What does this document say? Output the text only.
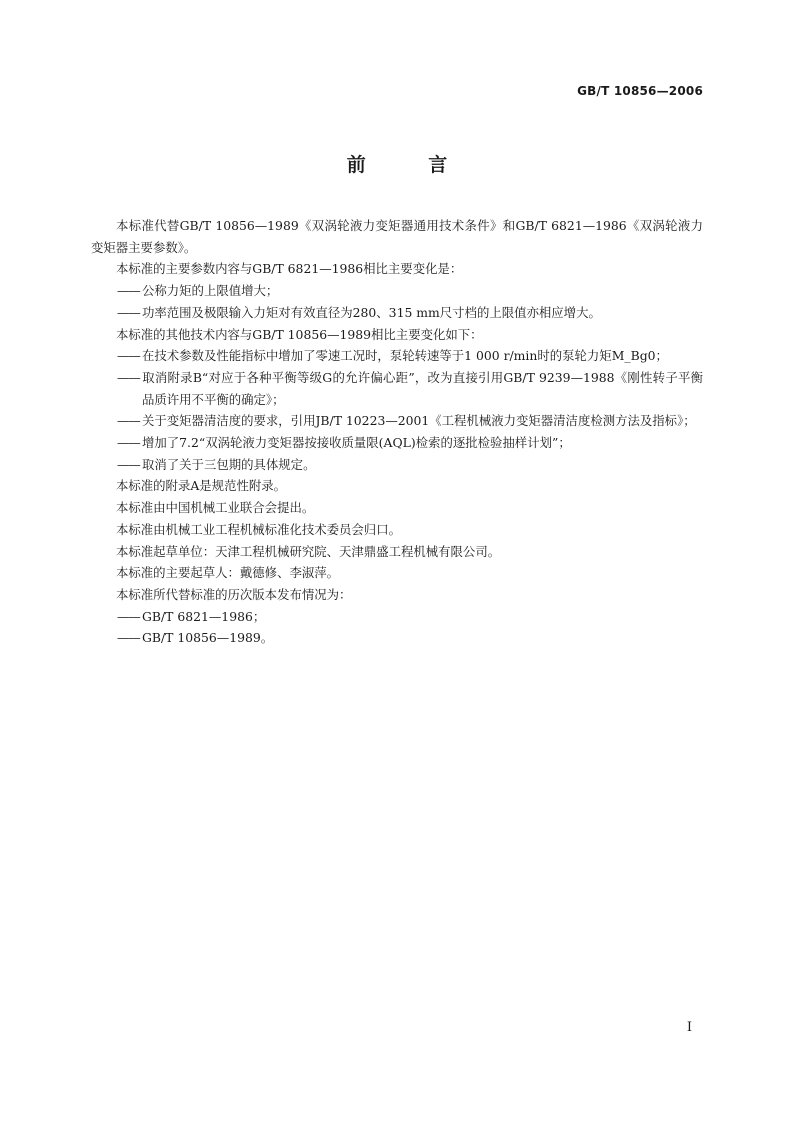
GB/T 10856—2006
前 言

本标准代替GB/T 10856—1989《双涡轮液力变矩器通用技术条件》和GB/T 6821—1986《双涡轮液力变矩器主要参数》。

本标准的主要参数内容与GB/T 6821—1986相比主要变化是：

—— 公称力矩的上限值增大；

—— 功率范围及极限输入力矩对有效直径为280、315 mm尺寸档的上限值亦相应增大。

本标准的其他技术内容与GB/T 10856—1989相比主要变化如下：

—— 在技术参数及性能指标中增加了零速工况时，泵轮转速等于1 000 r/min时的泵轮力矩M_Bg0；

—— 取消附录B“对应于各种平衡等级G的允许偏心距”，改为直接引用GB/T 9239—1988《刚性转子平衡品质许用不平衡的确定》；

—— 关于变矩器清洁度的要求，引用JB/T 10223—2001《工程机械液力变矩器清洁度检测方法及指标》；

—— 增加了7.2“双涡轮液力变矩器按接收质量限(AQL)检索的逐批检验抽样计划”；

—— 取消了关于三包期的具体规定。

本标准的附录A是规范性附录。

本标准由中国机械工业联合会提出。

本标准由机械工业工程机械标准化技术委员会归口。

本标准起草单位：天津工程机械研究院、天津鼎盛工程机械有限公司。

本标准的主要起草人：戴德修、李淑萍。

本标准所代替标准的历次版本发布情况为：

—— GB/T 6821—1986；

—— GB/T 10856—1989。

I
